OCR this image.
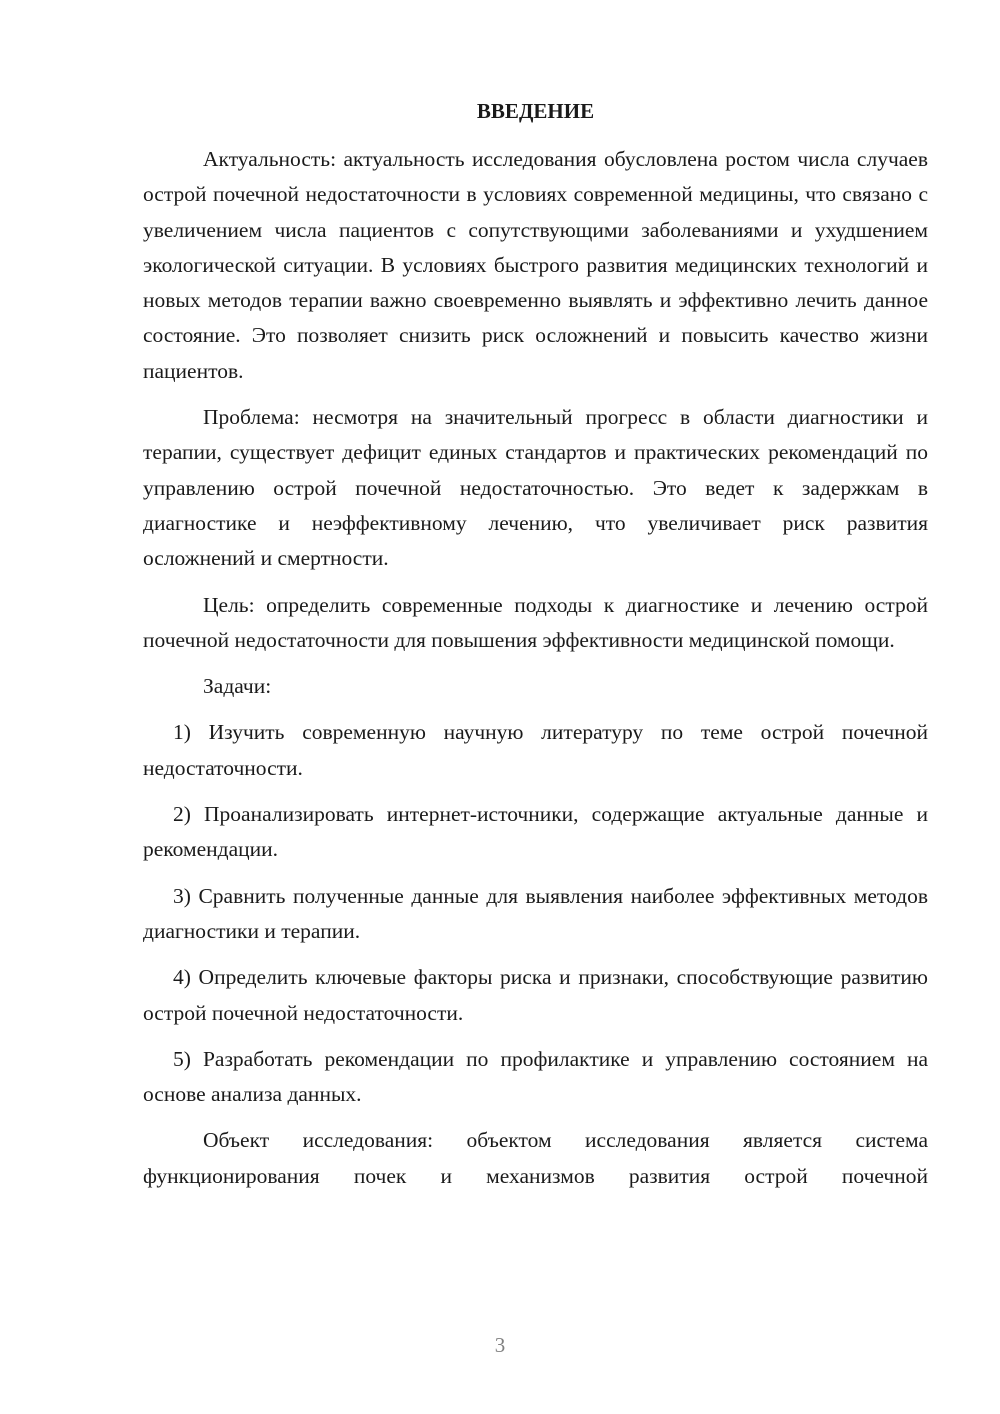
ВВЕДЕНИЕ

Актуальность: актуальность исследования обусловлена ростом числа случаев острой почечной недостаточности в условиях современной медицины, что связано с увеличением числа пациентов с сопутствующими заболеваниями и ухудшением экологической ситуации. В условиях быстрого развития медицинских технологий и новых методов терапии важно своевременно выявлять и эффективно лечить данное состояние. Это позволяет снизить риск осложнений и повысить качество жизни пациентов.

Проблема: несмотря на значительный прогресс в области диагностики и терапии, существует дефицит единых стандартов и практических рекомендаций по управлению острой почечной недостаточностью. Это ведет к задержкам в диагностике и неэффективному лечению, что увеличивает риск развития осложнений и смертности.

Цель: определить современные подходы к диагностике и лечению острой почечной недостаточности для повышения эффективности медицинской помощи.

Задачи:

1) Изучить современную научную литературу по теме острой почечной недостаточности.

2) Проанализировать интернет-источники, содержащие актуальные данные и рекомендации.

3) Сравнить полученные данные для выявления наиболее эффективных методов диагностики и терапии.

4) Определить ключевые факторы риска и признаки, способствующие развитию острой почечной недостаточности.

5) Разработать рекомендации по профилактике и управлению состоянием на основе анализа данных.

Объект исследования: объектом исследования является система функционирования почек и механизмов развития острой почечной

3
